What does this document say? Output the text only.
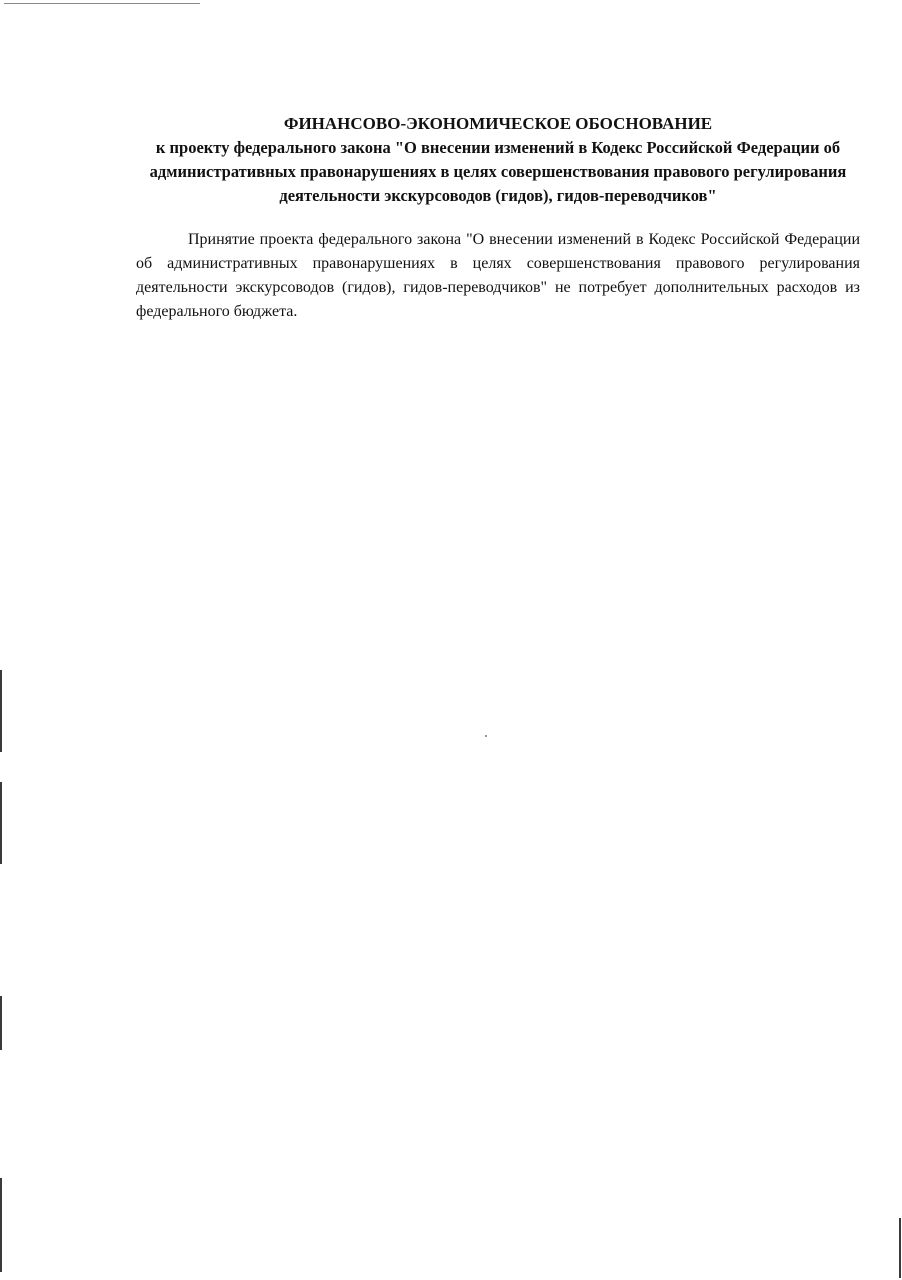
ФИНАНСОВО-ЭКОНОМИЧЕСКОЕ ОБОСНОВАНИЕ

к проекту федерального закона "О внесении изменений в Кодекс Российской Федерации об административных правонарушениях в целях совершенствования правового регулирования деятельности экскурсоводов (гидов), гидов-переводчиков"

Принятие проекта федерального закона "О внесении изменений в Кодекс Российской Федерации об административных правонарушениях в целях совершенствования правового регулирования деятельности экскурсоводов (гидов), гидов-переводчиков" не потребует дополнительных расходов из федерального бюджета.
